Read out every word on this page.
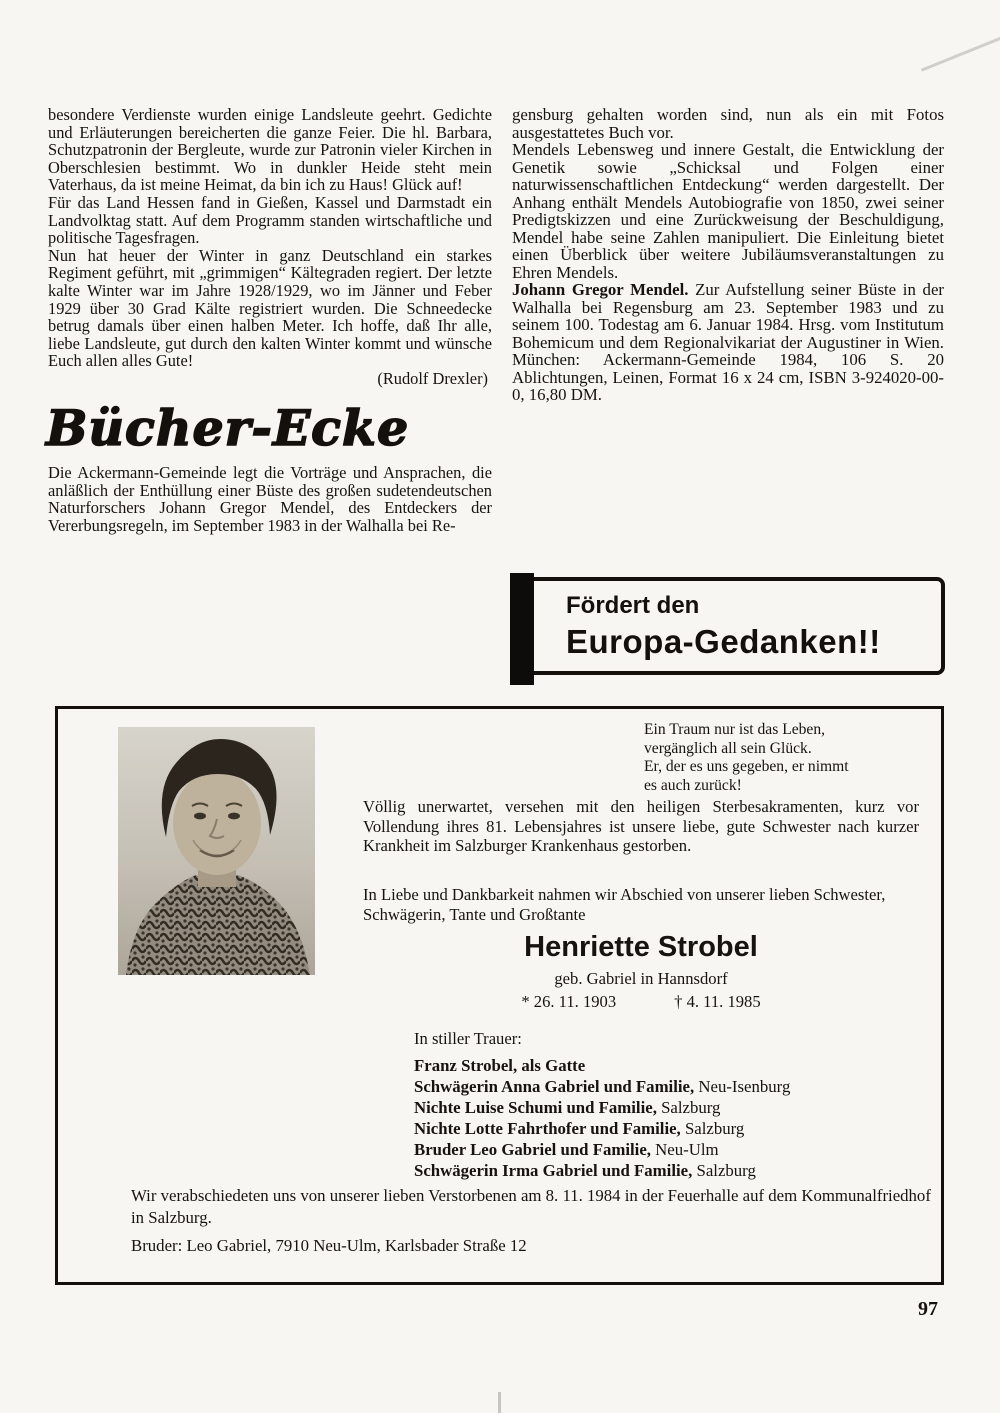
besondere Verdienste wurden einige Landsleute geehrt. Gedichte und Erläuterungen bereicherten die ganze Feier. Die hl. Barbara, Schutzpatronin der Bergleute, wurde zur Patronin vieler Kirchen in Oberschlesien bestimmt. Wo in dunkler Heide steht mein Vaterhaus, da ist meine Heimat, da bin ich zu Haus! Glück auf!

Für das Land Hessen fand in Gießen, Kassel und Darmstadt ein Landvolktag statt. Auf dem Programm standen wirtschaftliche und politische Tagesfragen.

Nun hat heuer der Winter in ganz Deutschland ein starkes Regiment geführt, mit „grimmigen“ Kältegraden regiert. Der letzte kalte Winter war im Jahre 1928/1929, wo im Jänner und Feber 1929 über 30 Grad Kälte registriert wurden. Die Schneedecke betrug damals über einen halben Meter. Ich hoffe, daß Ihr alle, liebe Landsleute, gut durch den kalten Winter kommt und wünsche Euch allen alles Gute!

(Rudolf Drexler)
Bücher-Ecke

Die Ackermann-Gemeinde legt die Vorträge und Ansprachen, die anläßlich der Enthüllung einer Büste des großen sudetendeutschen Naturforschers Johann Gregor Mendel, des Entdeckers der Vererbungsregeln, im September 1983 in der Walhalla bei Re-

gensburg gehalten worden sind, nun als ein mit Fotos ausgestattetes Buch vor.

Mendels Lebensweg und innere Gestalt, die Entwicklung der Genetik sowie „Schicksal und Folgen einer naturwissenschaftlichen Entdeckung“ werden dargestellt. Der Anhang enthält Mendels Autobiografie von 1850, zwei seiner Predigtskizzen und eine Zurückweisung der Beschuldigung, Mendel habe seine Zahlen manipuliert. Die Einleitung bietet einen Überblick über weitere Jubiläumsveranstaltungen zu Ehren Mendels.

Johann Gregor Mendel. Zur Aufstellung seiner Büste in der Walhalla bei Regensburg am 23. September 1983 und zu seinem 100. Todestag am 6. Januar 1984. Hrsg. vom Institutum Bohemicum und dem Regionalvikariat der Augustiner in Wien. München: Ackermann-Gemeinde 1984, 106 S. 20 Ablichtungen, Leinen, Format 16 x 24 cm, ISBN 3-924020-00-0, 16,80 DM.

Fördert den
Europa-Gedanken!!
Ein Traum nur ist das Leben,
vergänglich all sein Glück.
Er, der es uns gegeben, er nimmt
es auch zurück!

Völlig unerwartet, versehen mit den heiligen Sterbesakramenten, kurz vor Vollendung ihres 81. Lebensjahres ist unsere liebe, gute Schwester nach kurzer Krankheit im Salzburger Krankenhaus gestorben.

In Liebe und Dankbarkeit nahmen wir Abschied von unserer lieben Schwester, Schwägerin, Tante und Großtante

Henriette Strobel
geb. Gabriel in Hannsdorf
* 26. 11. 1903	† 4. 11. 1985
In stiller Trauer:
Franz Strobel, als Gatte
Schwägerin Anna Gabriel und Familie, Neu-Isenburg
Nichte Luise Schumi und Familie, Salzburg
Nichte Lotte Fahrthofer und Familie, Salzburg
Bruder Leo Gabriel und Familie, Neu-Ulm
Schwägerin Irma Gabriel und Familie, Salzburg

Wir verabschiedeten uns von unserer lieben Verstorbenen am 8. 11. 1984 in der Feuerhalle auf dem Kommunalfriedhof in Salzburg.

Bruder: Leo Gabriel, 7910 Neu-Ulm, Karlsbader Straße 12

97
